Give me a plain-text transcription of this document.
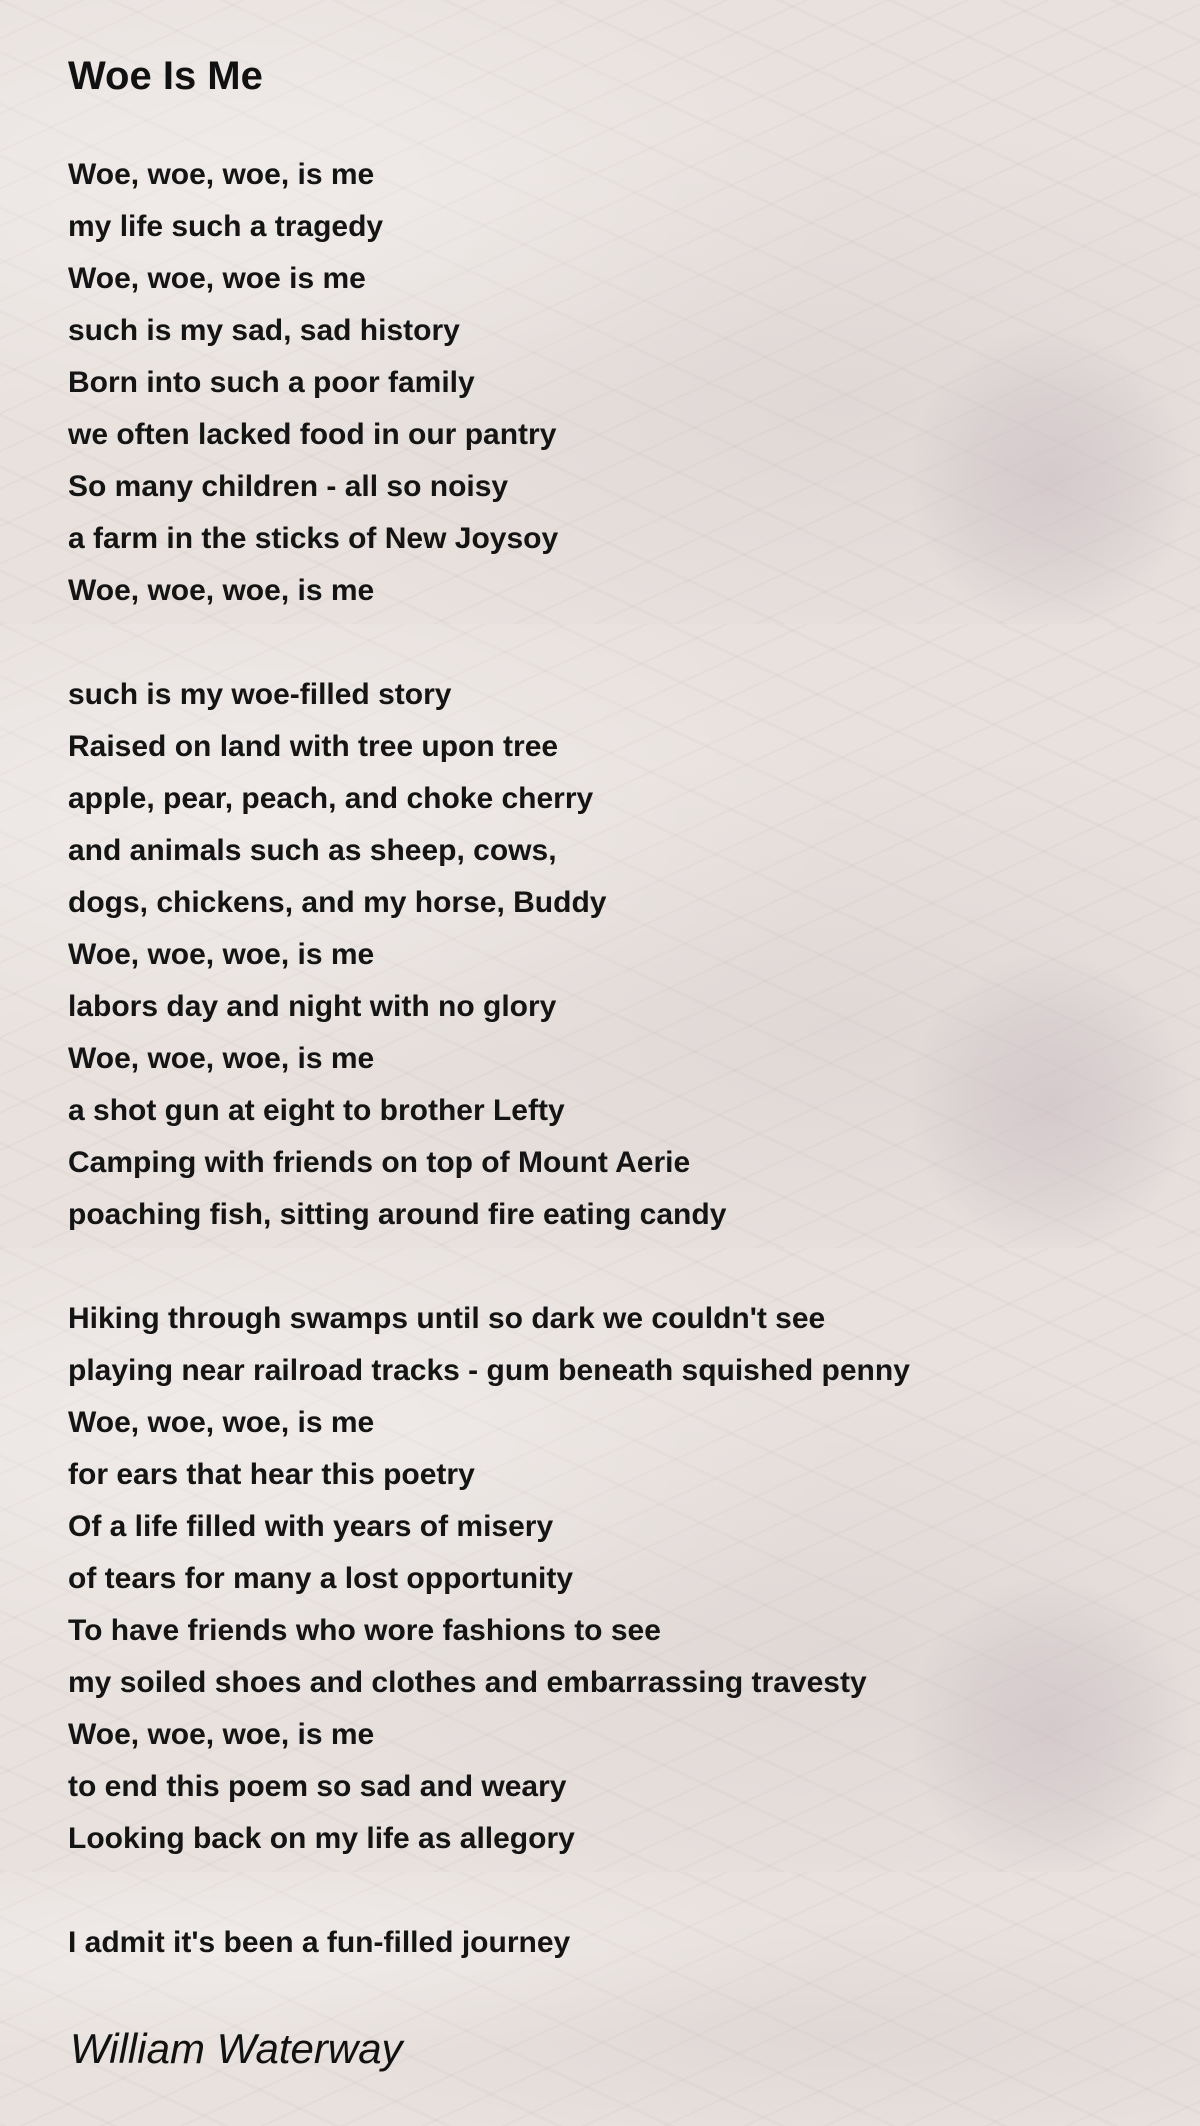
Woe Is Me
Woe, woe, woe, is me
my life such a tragedy
Woe, woe, woe is me
such is my sad, sad history
Born into such a poor family
we often lacked food in our pantry
So many children - all so noisy
a farm in the sticks of New Joysoy
Woe, woe, woe, is me
such is my woe-filled story
Raised on land with tree upon tree
apple, pear, peach, and choke cherry
and animals such as sheep, cows,
dogs, chickens, and my horse, Buddy
Woe, woe, woe, is me
labors day and night with no glory
Woe, woe, woe, is me
a shot gun at eight to brother Lefty
Camping with friends on top of Mount Aerie
poaching fish, sitting around fire eating candy
Hiking through swamps until so dark we couldn't see
playing near railroad tracks - gum beneath squished penny
Woe, woe, woe, is me
for ears that hear this poetry
Of a life filled with years of misery
of tears for many a lost opportunity
To have friends who wore fashions to see
my soiled shoes and clothes and embarrassing travesty
Woe, woe, woe, is me
to end this poem so sad and weary
Looking back on my life as allegory
I admit it's been a fun-filled journey
William Waterway
